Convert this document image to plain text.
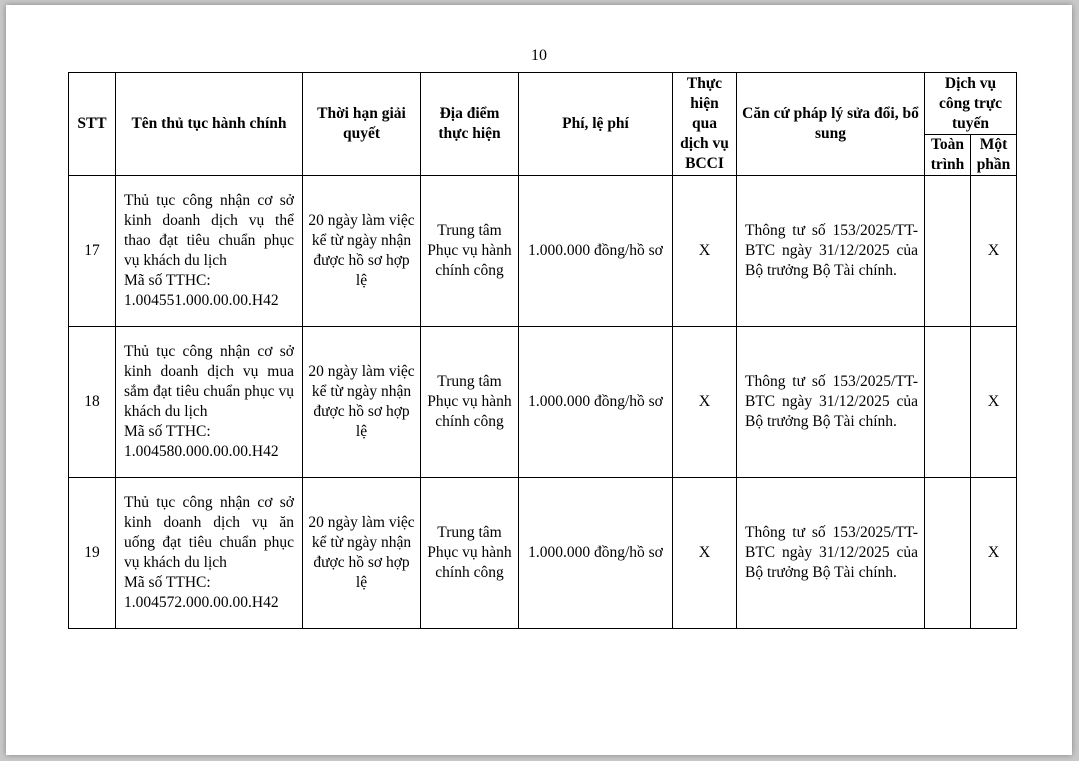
10
STT	Tên thủ tục hành chính	Thời hạn giải quyết	Địa điểm thực hiện	Phí, lệ phí	Thực hiện qua dịch vụ BCCI	Căn cứ pháp lý sửa đổi, bổ sung	Dịch vụ công trực tuyến	
							Toàn trình	Một phần
17	Thủ tục công nhận cơ sở kinh doanh dịch vụ thể thao đạt tiêu chuẩn phục vụ khách du lịch
Mã số TTHC:
1.004551.000.00.00.H42	20 ngày làm việc kể từ ngày nhận được hồ sơ hợp lệ	Trung tâm Phục vụ hành chính công	1.000.000 đồng/hồ sơ	X	Thông tư số 153/2025/TT-BTC ngày 31/12/2025 của Bộ trưởng Bộ Tài chính.		X
18	Thủ tục công nhận cơ sở kinh doanh dịch vụ mua sắm đạt tiêu chuẩn phục vụ khách du lịch
Mã số TTHC:
1.004580.000.00.00.H42	20 ngày làm việc kể từ ngày nhận được hồ sơ hợp lệ	Trung tâm Phục vụ hành chính công	1.000.000 đồng/hồ sơ	X	Thông tư số 153/2025/TT-BTC ngày 31/12/2025 của Bộ trưởng Bộ Tài chính.		X
19	Thủ tục công nhận cơ sở kinh doanh dịch vụ ăn uống đạt tiêu chuẩn phục vụ khách du lịch
Mã số TTHC:
1.004572.000.00.00.H42	20 ngày làm việc kể từ ngày nhận được hồ sơ hợp lệ	Trung tâm Phục vụ hành chính công	1.000.000 đồng/hồ sơ	X	Thông tư số 153/2025/TT-BTC ngày 31/12/2025 của Bộ trưởng Bộ Tài chính.		X
